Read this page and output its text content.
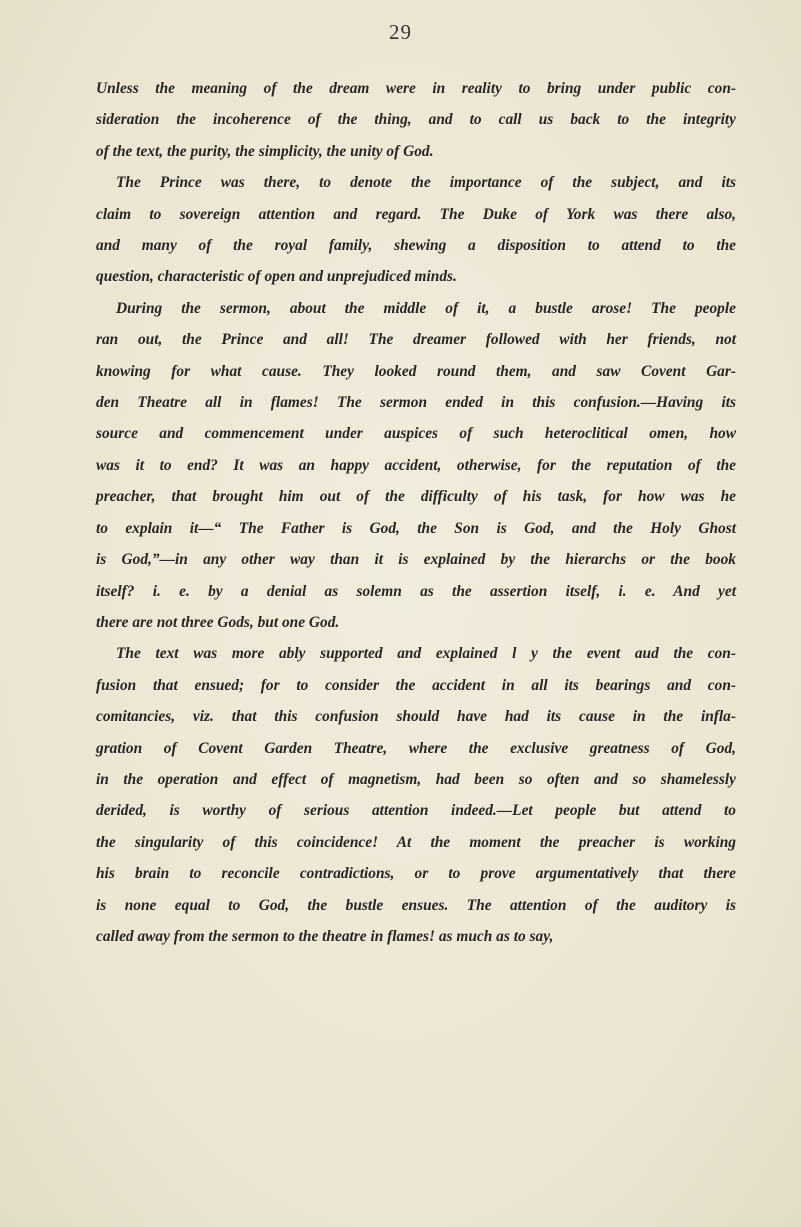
29

Unless the meaning of the dream were in reality to bring under public con-
sideration the incoherence of the thing, and to call us back to the integrity
of the text, the purity, the simplicity, the unity of God.

The Prince was there, to denote the importance of the subject, and its
claim to sovereign attention and regard. The Duke of York was there also,
and many of the royal family, shewing a disposition to attend to the
question, characteristic of open and unprejudiced minds.

During the sermon, about the middle of it, a bustle arose! The people
ran out, the Prince and all! The dreamer followed with her friends, not
knowing for what cause. They looked round them, and saw Covent Gar-
den Theatre all in flames! The sermon ended in this confusion.—Having its
source and commencement under auspices of such heteroclitical omen, how
was it to end? It was an happy accident, otherwise, for the reputation of the
preacher, that brought him out of the difficulty of his task, for how was he
to explain it—“ The Father is God, the Son is God, and the Holy Ghost
is God,”—in any other way than it is explained by the hierarchs or the book
itself? i. e. by a denial as solemn as the assertion itself, i. e. And yet
there are not three Gods, but one God.

The text was more ably supported and explained l y the event aud the con-
fusion that ensued; for to consider the accident in all its bearings and con-
comitancies, viz. that this confusion should have had its cause in the infla-
gration of Covent Garden Theatre, where the exclusive greatness of God,
in the operation and effect of magnetism, had been so often and so shamelessly
derided, is worthy of serious attention indeed.—Let people but attend to
the singularity of this coincidence! At the moment the preacher is working
his brain to reconcile contradictions, or to prove argumentatively that there
is none equal to God, the bustle ensues. The attention of the auditory is
called away from the sermon to the theatre in flames! as much as to say,
